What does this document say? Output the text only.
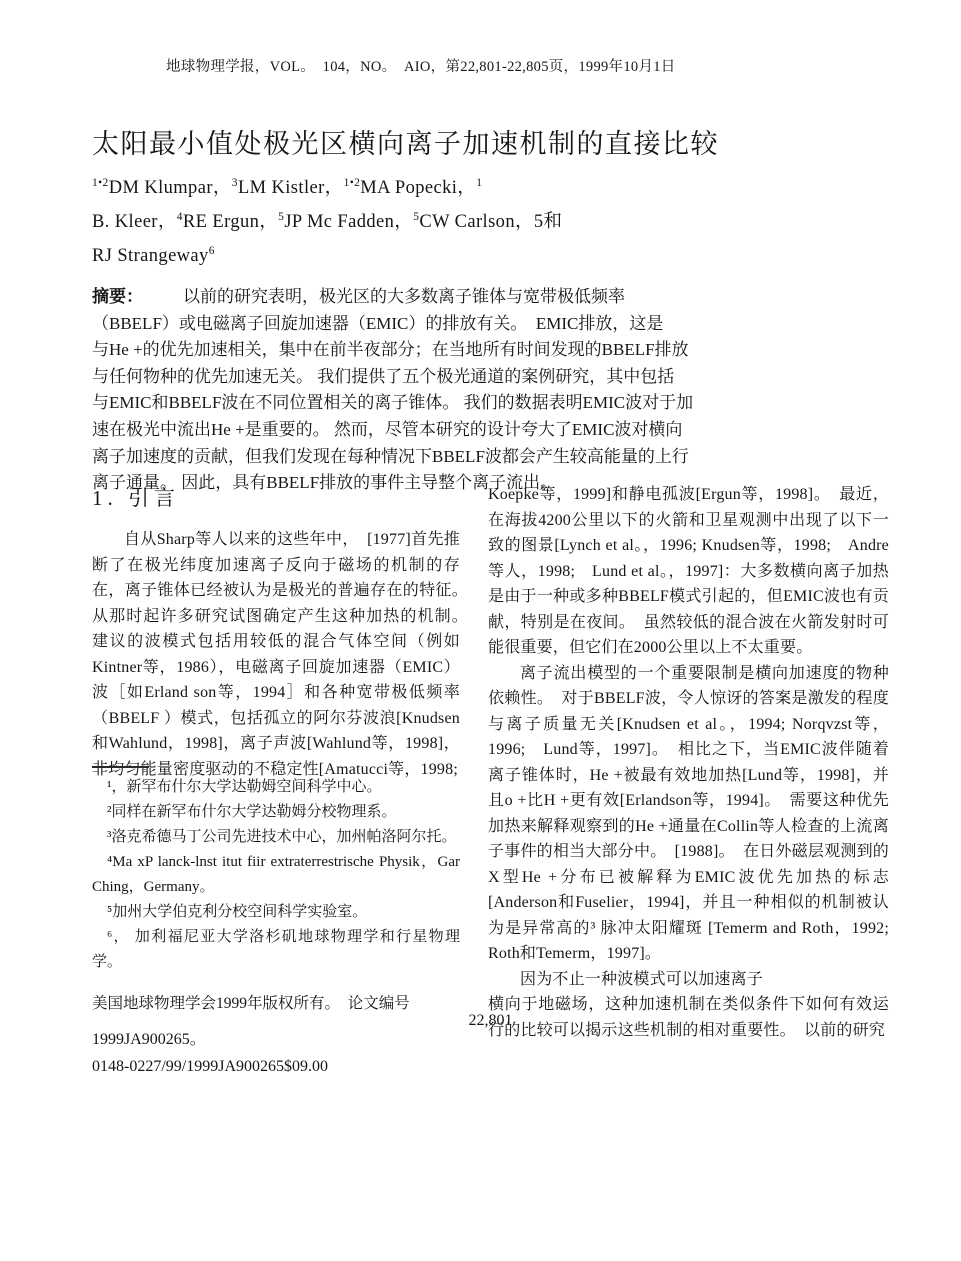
地球物理学报，VOL。　104，NO。　AIO，第22,801-22,805页，1999年10月1日
太阳最小值处极光区横向离子加速机制的直接比较
$^{1•2}$DM Klumpar，$^3$LM Kistler，$^{1•2}$MA Popecki，$^1$
B. Kleer，$^4$RE Ergun，$^5$JP Mc Fadden，$^5$CW Carlson，5和
RJ Strangeway$^6$
摘要： 以前的研究表明，极光区的大多数离子锥体与宽带极低频率
（BBELF）或电磁离子回旋加速器（EMIC）的排放有关。　EMIC排放，这是
与He +的优先加速相关，集中在前半夜部分；在当地所有时间发现的BBELF排放
与任何物种的优先加速无关。 我们提供了五个极光通道的案例研究，其中包括
与EMIC和BBELF波在不同位置相关的离子锥体。 我们的数据表明EMIC波对于加
速在极光中流出He +是重要的。 然而，尽管本研究的设计夸大了EMIC波对横向
离子加速度的贡献，但我们发现在每种情况下BBELF波都会产生较高能量的上行
离子通量。 因此，具有BBELF排放的事件主导整个离子流出。
1. 引言

自从Sharp等人以来的这些年中，　[1977]首先推断了在极光纬度加速离子反向于磁场的机制的存在，离子锥体已经被认为是极光的普遍存在的特征。　从那时起许多研究试图确定产生这种加热的机制。　建议的波模式包括用较低的混合气体空间（例如Kintner等，1986），电磁离子回旋加速器（EMIC）波［如Erland son等，1994］和各种宽带极低频率（BBELF ）模式，包括孤立的阿尔芬波浪[Knudsen和Wahlund，1998]，离子声波[Wahlund等，1998]，非均匀能量密度驱动的不稳定性[Amatucci等，1998;

¹，新罕布什尔大学达勒姆空间科学中心。

²同样在新罕布什尔大学达勒姆分校物理系。

³洛克希德马丁公司先进技术中心，加州帕洛阿尔托。

⁴Ma xP lanck-lnst itut fiir extraterrestrische Physik，Gar Ching，Germany。

⁵加州大学伯克利分校空间科学实验室。

⁶， 加利福尼亚大学洛杉矶地球物理学和行星物理学。

美国地球物理学会1999年版权所有。　论文编号

1999JA900265。

0148-0227/99/1999JA900265$09.00

Koepke等，1999]和静电孤波[Ergun等，1998]。　最近，在海拔4200公里以下的火箭和卫星观测中出现了以下一致的图景[Lynch et al。，1996; Knudsen等，1998;　Andre等人，1998;　Lund et al。，1997]：大多数横向离子加热是由于一种或多种BBELF模式引起的，但EMIC波也有贡献，特别是在夜间。　虽然较低的混合波在火箭发射时可能很重要，但它们在2000公里以上不太重要。

离子流出模型的一个重要限制是横向加速度的物种依赖性。　对于BBELF波，令人惊讶的答案是激发的程度与离子质量无关[Knudsen et al。，1994; Norqvzst等，1996;　Lund等，1997]。　相比之下，当EMIC波伴随着离子锥体时，He +被最有效地加热[Lund等，1998]，并且o +比H +更有效[Erlandson等，1994]。　需要这种优先加热来解释观察到的He +通量在Collin等人检查的上流离子事件的相当大部分中。　[1988]。　在日外磁层观测到的X型He +分布已被解释为EMIC波优先加热的标志[Anderson和Fuselier，1994]，并且一种相似的机制被认为是异常高的³ 脉冲太阳耀斑 [Temerm and Roth，1992; Roth和Temerm，1997]。

因为不止一种波模式可以加速离子

横向于地磁场，这种加速机制在类似条件下如何有效运行的比较可以揭示这些机制的相对重要性。　以前的研究

22,801
